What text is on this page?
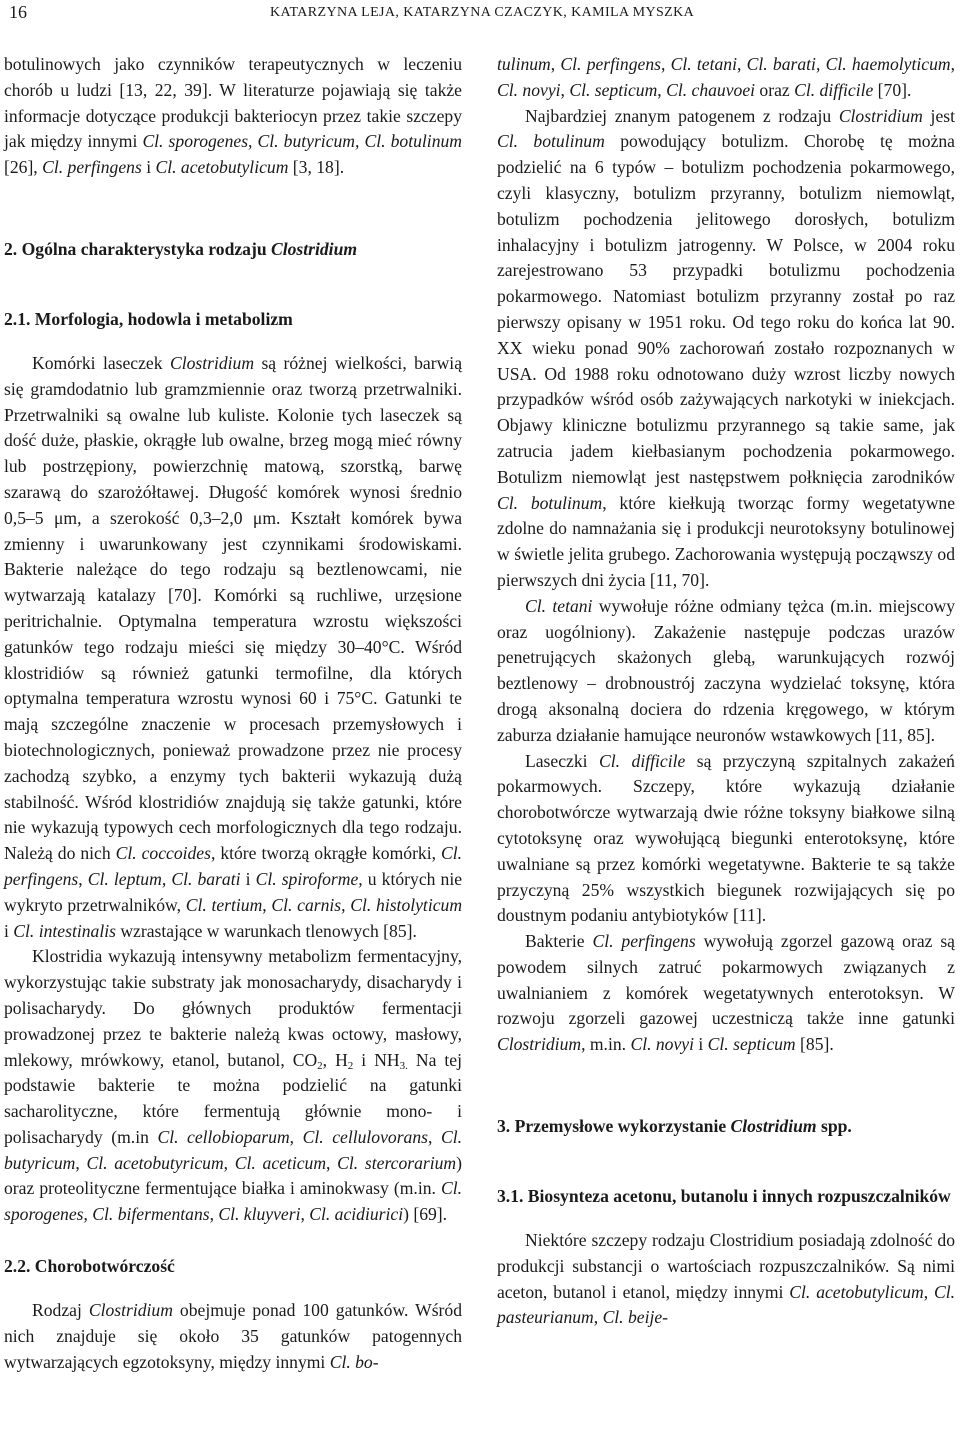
16	KATARZYNA LEJA, KATARZYNA CZACZYK, KAMILA MYSZKA

botulinowych jako czynników terapeutycznych w leczeniu chorób u ludzi [13, 22, 39]. W literaturze pojawiają się także informacje dotyczące produkcji bakteriocyn przez takie szczepy jak między innymi Cl. sporogenes, Cl. butyricum, Cl. botulinum [26], Cl. perfingens i Cl. acetobutylicum [3, 18].

2. Ogólna charakterystyka rodzaju Clostridium
2.1. Morfologia, hodowla i metabolizm

Komórki laseczek Clostridium są różnej wielkości, barwią się gramdodatnio lub gramzmiennie oraz tworzą przetrwalniki. Przetrwalniki są owalne lub kuliste. Kolonie tych laseczek są dość duże, płaskie, okrągłe lub owalne, brzeg mogą mieć równy lub postrzępiony, powierzchnię matową, szorstką, barwę szarawą do szarożółtawej. Długość komórek wynosi średnio 0,5–5 μm, a szerokość 0,3–2,0 μm. Kształt komórek bywa zmienny i uwarunkowany jest czynnikami środowiskami. Bakterie należące do tego rodzaju są beztlenowcami, nie wytwarzają katalazy [70]. Komórki są ruchliwe, urzęsione peritrichalnie. Optymalna temperatura wzrostu większości gatunków tego rodzaju mieści się między 30–40°C. Wśród klostridiów są również gatunki termofilne, dla których optymalna temperatura wzrostu wynosi 60 i 75°C. Gatunki te mają szczególne znaczenie w procesach przemysłowych i biotechnologicznych, ponieważ prowadzone przez nie procesy zachodzą szybko, a enzymy tych bakterii wykazują dużą stabilność. Wśród klostridiów znajdują się także gatunki, które nie wykazują typowych cech morfologicznych dla tego rodzaju. Należą do nich Cl. coccoides, które tworzą okrągłe komórki, Cl. perfingens, Cl. leptum, Cl. barati i Cl. spiroforme, u których nie wykryto przetrwalników, Cl. tertium, Cl. carnis, Cl. histolyticum i Cl. intestinalis wzrastające w warunkach tlenowych [85].

Klostridia wykazują intensywny metabolizm fermentacyjny, wykorzystując takie substraty jak monosacharydy, disacharydy i polisacharydy. Do głównych produktów fermentacji prowadzonej przez te bakterie należą kwas octowy, masłowy, mlekowy, mrówkowy, etanol, butanol, $CO_2$, $H_2$ i $NH_{3.}$ Na tej podstawie bakterie te można podzielić na gatunki sacharolityczne, które fermentują głównie mono- i polisacharydy (m.in Cl. cellobioparum, Cl. cellulovorans, Cl. butyricum, Cl. acetobutyricum, Cl. aceticum, Cl. stercorarium) oraz proteolityczne fermentujące białka i aminokwasy (m.in. Cl. sporogenes, Cl. bifermentans, Cl. kluyveri, Cl. acidiurici) [69].

2.2. Chorobotwórczość

Rodzaj Clostridium obejmuje ponad 100 gatunków. Wśród nich znajduje się około 35 gatunków patogennych wytwarzających egzotoksyny, między innymi Cl. bo-

tulinum, Cl. perfingens, Cl. tetani, Cl. barati, Cl. haemolyticum, Cl. novyi, Cl. septicum, Cl. chauvoei oraz Cl. difficile [70].

Najbardziej znanym patogenem z rodzaju Clostridium jest Cl. botulinum powodujący botulizm. Chorobę tę można podzielić na 6 typów – botulizm pochodzenia pokarmowego, czyli klasyczny, botulizm przyranny, botulizm niemowląt, botulizm pochodzenia jelitowego dorosłych, botulizm inhalacyjny i botulizm jatrogenny. W Polsce, w 2004 roku zarejestrowano 53 przypadki botulizmu pochodzenia pokarmowego. Natomiast botulizm przyranny został po raz pierwszy opisany w 1951 roku. Od tego roku do końca lat 90. XX wieku ponad 90% zachorowań zostało rozpoznanych w USA. Od 1988 roku odnotowano duży wzrost liczby nowych przypadków wśród osób zażywających narkotyki w iniekcjach. Objawy kliniczne botulizmu przyrannego są takie same, jak zatrucia jadem kiełbasianym pochodzenia pokarmowego. Botulizm niemowląt jest następstwem połknięcia zarodników Cl. botulinum, które kiełkują tworząc formy wegetatywne zdolne do namnażania się i produkcji neurotoksyny botulinowej w świetle jelita grubego. Zachorowania występują począwszy od pierwszych dni życia [11, 70].

Cl. tetani wywołuje różne odmiany tężca (m.in. miejscowy oraz uogólniony). Zakażenie następuje podczas urazów penetrujących skażonych glebą, warunkujących rozwój beztlenowy – drobnoustrój zaczyna wydzielać toksynę, która drogą aksonalną dociera do rdzenia kręgowego, w którym zaburza działanie hamujące neuronów wstawkowych [11, 85].

Laseczki Cl. difficile są przyczyną szpitalnych zakażeń pokarmowych. Szczepy, które wykazują działanie chorobotwórcze wytwarzają dwie różne toksyny białkowe silną cytotoksynę oraz wywołującą biegunki enterotoksynę, które uwalniane są przez komórki wegetatywne. Bakterie te są także przyczyną 25% wszystkich biegunek rozwijających się po doustnym podaniu antybiotyków [11].

Bakterie Cl. perfingens wywołują zgorzel gazową oraz są powodem silnych zatruć pokarmowych związanych z uwalnianiem z komórek wegetatywnych enterotoksyn. W rozwoju zgorzeli gazowej uczestniczą także inne gatunki Clostridium, m.in. Cl. novyi i Cl. septicum [85].

3. Przemysłowe wykorzystanie Clostridium spp.
3.1. Biosynteza acetonu, butanolu i innych rozpuszczalników

Niektóre szczepy rodzaju Clostridium posiadają zdolność do produkcji substancji o wartościach rozpuszczalników. Są nimi aceton, butanol i etanol, między innymi Cl. acetobutylicum, Cl. pasteurianum, Cl. beije-
